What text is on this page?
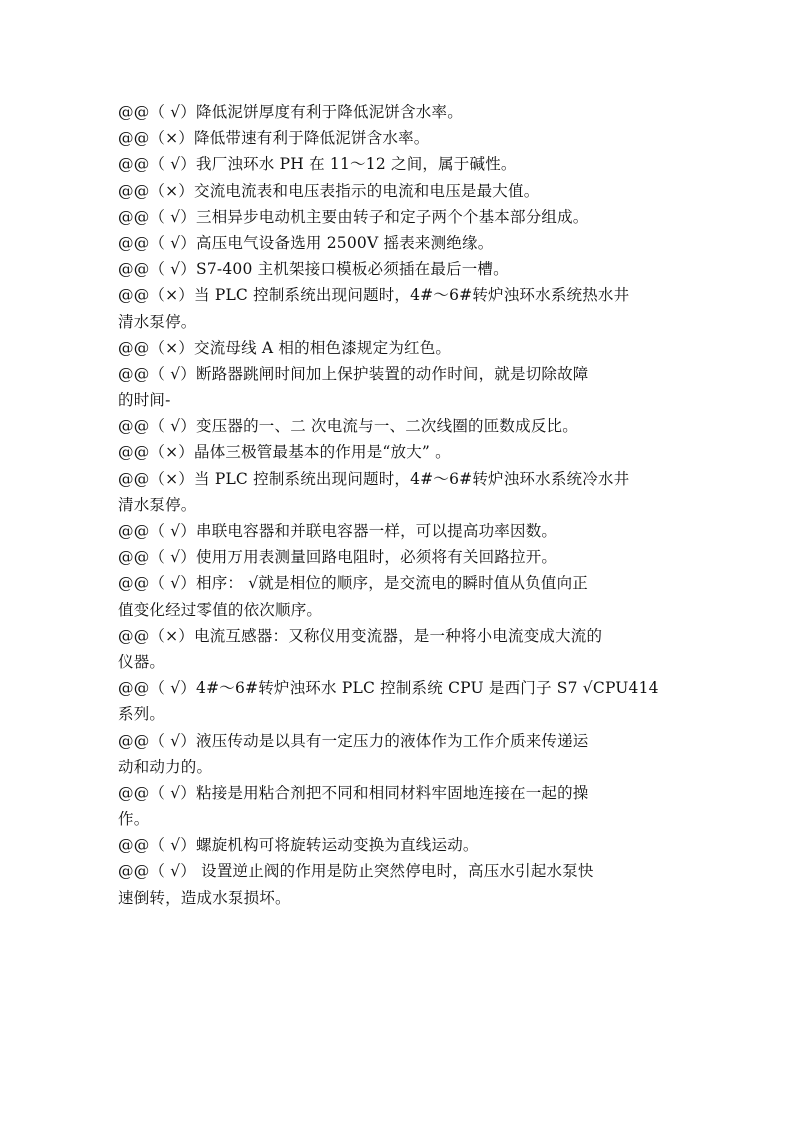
@@（ √）降低泥饼厚度有利于降低泥饼含水率。
@@（×）降低带速有利于降低泥饼含水率。
@@（ √）我厂浊环水 PH 在 11～12 之间，属于碱性。
@@（×）交流电流表和电压表指示的电流和电压是最大值。
@@（ √）三相异步电动机主要由转子和定子两个个基本部分组成。
@@（ √）高压电气设备选用 2500V 摇表来测绝缘。
@@（ √）S7-400 主机架接口模板必须插在最后一槽。
@@（×）当 PLC 控制系统出现问题时，4#～6#转炉浊环水系统热水井
清水泵停。
@@（×）交流母线 A 相的相色漆规定为红色。
@@（ √）断路器跳闸时间加上保护装置的动作时间，就是切除故障
的时间-
@@（ √）变压器的一、二 次电流与一、二次线圈的匝数成反比。
@@（×）晶体三极管最基本的作用是“放大” 。
@@（×）当 PLC 控制系统出现问题时，4#～6#转炉浊环水系统冷水井
清水泵停。
@@（ √）串联电容器和并联电容器一样，可以提高功率因数。
@@（ √）使用万用表测量回路电阻时，必须将有关回路拉开。
@@（ √）相序： √就是相位的顺序，是交流电的瞬时值从负值向正
值变化经过零值的依次顺序。
@@（×）电流互感器：又称仪用变流器，是一种将小电流变成大流的
仪器。
@@（ √）4#～6#转炉浊环水 PLC 控制系统 CPU 是西门子 S7 √CPU414
系列。
@@（ √）液压传动是以具有一定压力的液体作为工作介质来传递运
动和动力的。
@@（ √）粘接是用粘合剂把不同和相同材料牢固地连接在一起的操
作。
@@（ √）螺旋机构可将旋转运动变换为直线运动。
@@（ √） 设置逆止阀的作用是防止突然停电时，高压水引起水泵快
速倒转，造成水泵损坏。
